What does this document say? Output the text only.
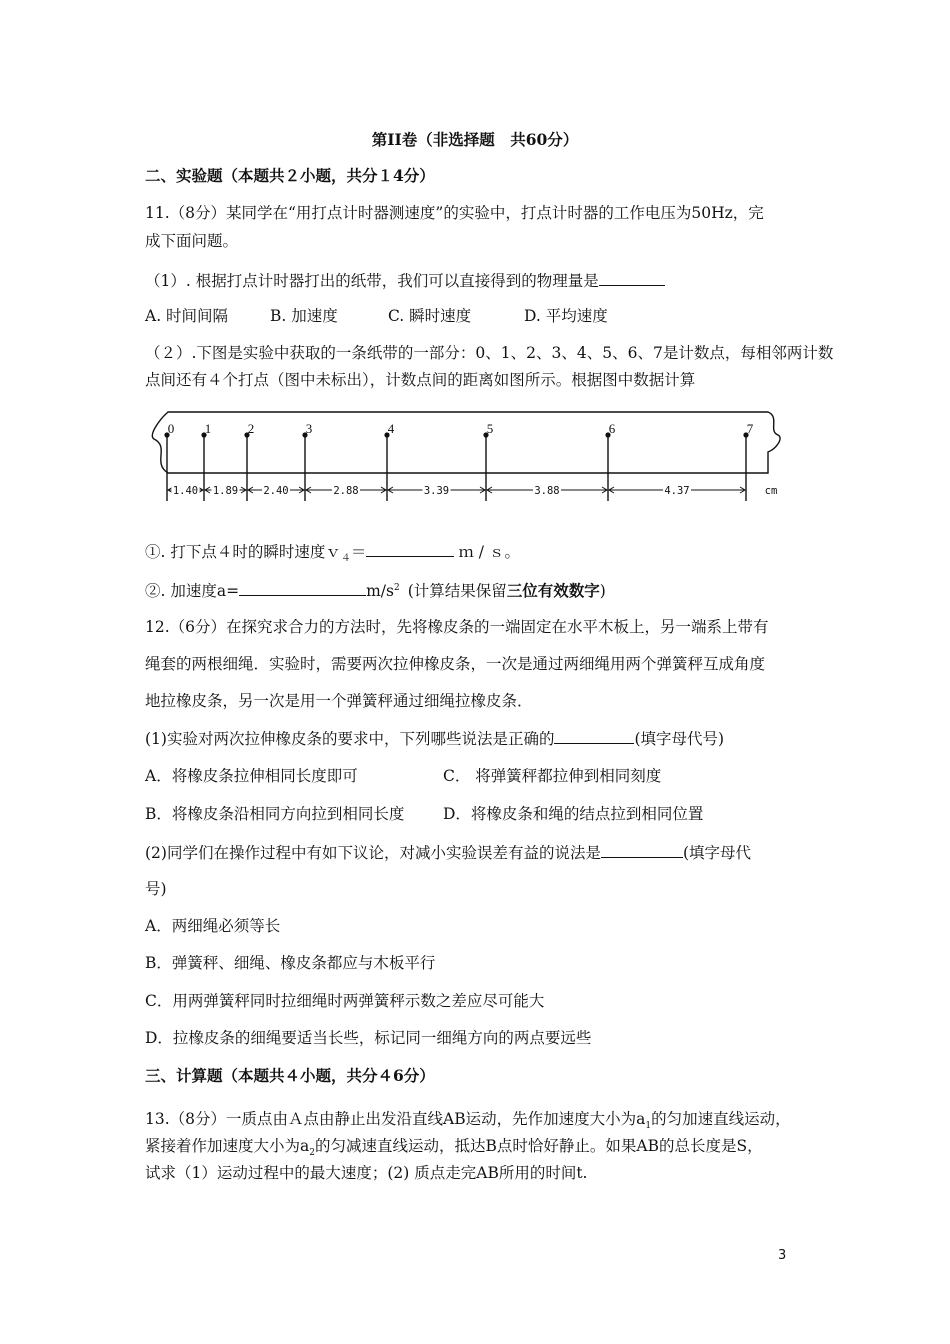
第II卷（非选择题　共60分）
二、实验题（本题共２小题，共分１4分）
11.（8分）某同学在“用打点计时器测速度”的实验中，打点计时器的工作电压为50Hz，完
成下面问题。
（1）. 根据打点计时器打出的纸带，我们可以直接得到的物理量是
A. 时间间隔	B. 加速度	C. 瞬时速度	D. 平均速度
（２）.下图是实验中获取的一条纸带的一部分：0、1、2、3、4、5、6、7是计数点，每相邻两计数
点间还有４个打点（图中未标出），计数点间的距离如图所示。根据图中数据计算
0 1	2	3	4	5	6	7
1.40 1.89 2.40	2.88	3.39	3.88	4.37	cm
①. 打下点４时的瞬时速度ｖ$_4$＝	ｍ / ｓ。
②. 加速度a=	$m/s^2$ (计算结果保留三位有效数字)
12.（6分）在探究求合力的方法时，先将橡皮条的一端固定在水平木板上，另一端系上带有
绳套的两根细绳．实验时，需要两次拉伸橡皮条，一次是通过两细绳用两个弹簧秤互成角度
地拉橡皮条，另一次是用一个弹簧秤通过细绳拉橡皮条．
(1)实验对两次拉伸橡皮条的要求中，下列哪些说法是正确的	(填字母代号)
A．将橡皮条拉伸相同长度即可	C． 将弹簧秤都拉伸到相同刻度
B．将橡皮条沿相同方向拉到相同长度 D．将橡皮条和绳的结点拉到相同位置
(2)同学们在操作过程中有如下议论，对减小实验误差有益的说法是	(填字母代
号)
A．两细绳必须等长
B．弹簧秤、细绳、橡皮条都应与木板平行
C．用两弹簧秤同时拉细绳时两弹簧秤示数之差应尽可能大
D．拉橡皮条的细绳要适当长些，标记同一细绳方向的两点要远些
三、计算题（本题共４小题，共分４6分）
13.（8分）一质点由Ａ点由静止出发沿直线AB运动，先作加速度大小为$a_1$的匀加速直线运动，
紧接着作加速度大小为$a_2$的匀减速直线运动，抵达B点时恰好静止。如果AB的总长度是S，
试求（1）运动过程中的最大速度；(2) 质点走完AB所用的时间t.
3
